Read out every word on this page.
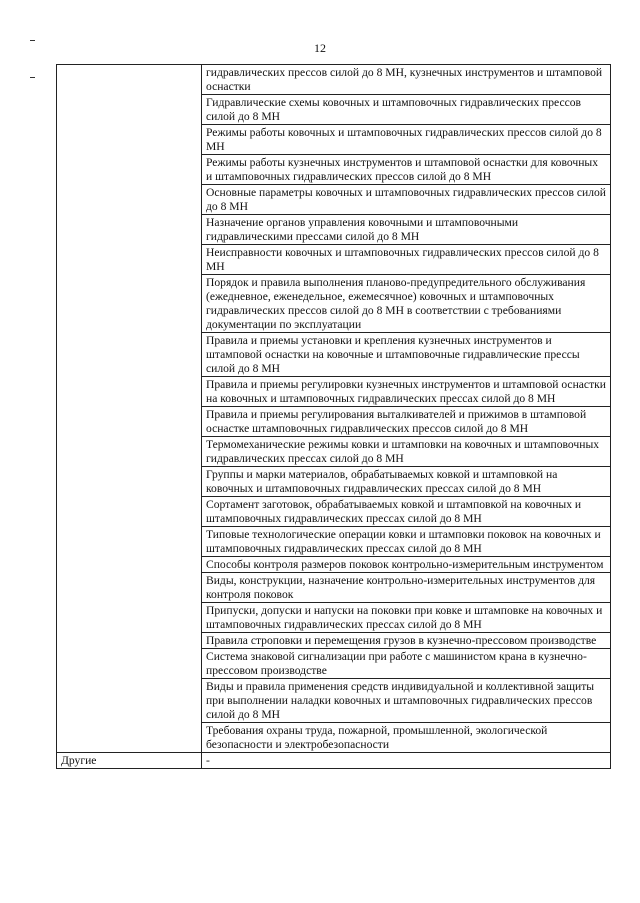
12
	гидравлических прессов силой до 8 МН, кузнечных инструментов и штамповой оснастки
	Гидравлические схемы ковочных и штамповочных гидравлических прессов силой до 8 МН
	Режимы работы ковочных и штамповочных гидравлических прессов силой до 8 МН
	Режимы работы кузнечных инструментов и штамповой оснастки для ковочных и штамповочных гидравлических прессов силой до 8 МН
	Основные параметры ковочных и штамповочных гидравлических прессов силой до 8 МН
	Назначение органов управления ковочными и штамповочными гидравлическими прессами силой до 8 МН
	Неисправности ковочных и штамповочных гидравлических прессов силой до 8 МН
	Порядок и правила выполнения планово-предупредительного обслуживания (ежедневное, еженедельное, ежемесячное) ковочных и штамповочных гидравлических прессов силой до 8 МН в соответствии с требованиями документации по эксплуатации
	Правила и приемы установки и крепления кузнечных инструментов и штамповой оснастки на ковочные и штамповочные гидравлические прессы силой до 8 МН
	Правила и приемы регулировки кузнечных инструментов и штамповой оснастки на ковочных и штамповочных гидравлических прессах силой до 8 МН
	Правила и приемы регулирования выталкивателей и прижимов в штамповой оснастке штамповочных гидравлических прессов силой до 8 МН
	Термомеханические режимы ковки и штамповки на ковочных и штамповочных гидравлических прессах силой до 8 МН
	Группы и марки материалов, обрабатываемых ковкой и штамповкой на ковочных и штамповочных гидравлических прессах силой до 8 МН
	Сортамент заготовок, обрабатываемых ковкой и штамповкой на ковочных и штамповочных гидравлических прессах силой до 8 МН
	Типовые технологические операции ковки и штамповки поковок на ковочных и штамповочных гидравлических прессах силой до 8 МН
	Способы контроля размеров поковок контрольно-измерительным инструментом
	Виды, конструкции, назначение контрольно-измерительных инструментов для контроля поковок
	Припуски, допуски и напуски на поковки при ковке и штамповке на ковочных и штамповочных гидравлических прессах силой до 8 МН
	Правила строповки и перемещения грузов в кузнечно-прессовом производстве
	Система знаковой сигнализации при работе с машинистом крана в кузнечно-прессовом производстве
	Виды и правила применения средств индивидуальной и коллективной защиты при выполнении наладки ковочных и штамповочных гидравлических прессов силой до 8 МН
	Требования охраны труда, пожарной, промышленной, экологической безопасности и электробезопасности
Другие	-
